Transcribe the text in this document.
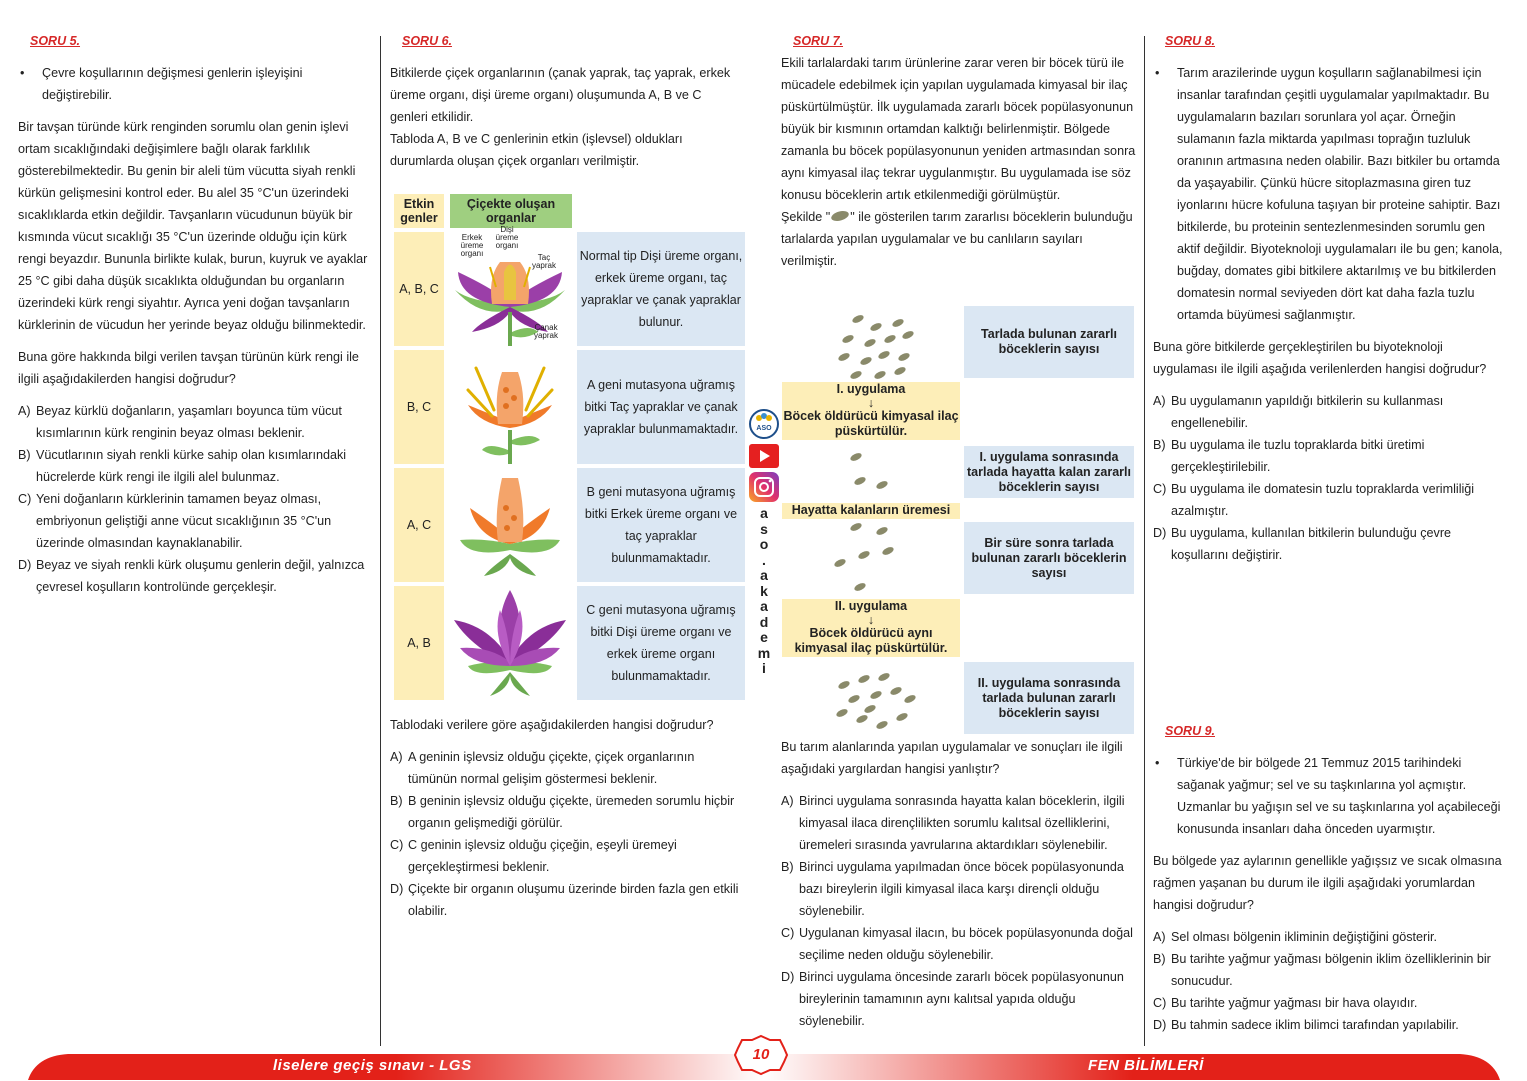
SORU 5.
•	Çevre koşullarının değişmesi genlerin işleyişini değiştirebilir.

Bir tavşan türünde kürk renginden sorumlu olan genin işlevi ortam sıcaklığındaki değişimlere bağlı olarak farklılık gösterebilmektedir. Bu genin bir aleli tüm vücutta siyah renkli kürkün gelişmesini kontrol eder. Bu alel 35 °C'un üzerindeki sıcaklıklarda etkin değildir. Tavşanların vücudunun büyük bir kısmında vücut sıcaklığı 35 °C'un üzerinde olduğu için kürk rengi beyazdır. Bununla birlikte kulak, burun, kuyruk ve ayaklar 25 °C gibi daha düşük sıcaklıkta olduğundan bu organların üzerindeki kürk rengi siyahtır. Ayrıca yeni doğan tavşanların kürklerinin de vücudun her yerinde beyaz olduğu bilinmektedir.

Buna göre hakkında bilgi verilen tavşan türünün kürk rengi ile ilgili aşağıdakilerden hangisi doğrudur?

A) Beyaz kürklü doğanların, yaşamları boyunca tüm vücut kısımlarının kürk renginin beyaz olması beklenir.
B) Vücutlarının siyah renkli kürke sahip olan kısımlarındaki hücrelerde kürk rengi ile ilgili alel bulunmaz.
C) Yeni doğanların kürklerinin tamamen beyaz olması, embriyonun geliştiği anne vücut sıcaklığının 35 °C'un üzerinde olmasından kaynaklanabilir.
D) Beyaz ve siyah renkli kürk oluşumu genlerin değil, yalnızca çevresel koşulların kontrolünde gerçekleşir.
SORU 6.

Bitkilerde çiçek organlarının (çanak yaprak, taç yaprak, erkek üreme organı, dişi üreme organı) oluşumunda A, B ve C genleri etkilidir.

Tabloda A, B ve C genlerinin etkin (işlevsel) oldukları durumlarda oluşan çiçek organları verilmiştir.

Etkin genler
Çiçekte oluşan organlar
A, B, C
Erkek üreme organı
Dişi üreme organı
Taç yaprak
Çanak yaprak
Normal tip Dişi üreme organı, erkek üreme organı, taç yapraklar ve çanak yapraklar bulunur.
B, C
A geni mutasyona uğramış bitki Taç yapraklar ve çanak yapraklar bulunmamaktadır.
A, C
B geni mutasyona uğramış bitki Erkek üreme organı ve taç yapraklar bulunmamaktadır.
A, B
C geni mutasyona uğramış bitki Dişi üreme organı ve erkek üreme organı bulunmamaktadır.

Tablodaki verilere göre aşağıdakilerden hangisi doğrudur?

A) A geninin işlevsiz olduğu çiçekte, çiçek organlarının tümünün normal gelişim göstermesi beklenir.
B) B geninin işlevsiz olduğu çiçekte, üremeden sorumlu hiçbir organın gelişmediği görülür.
C) C geninin işlevsiz olduğu çiçeğin, eşeyli üremeyi gerçekleştirmesi beklenir.
D) Çiçekte bir organın oluşumu üzerinde birden fazla gen etkili olabilir.
ASO
a
s
o
.
a
k
a
d
e
m
i
SORU 7.

Ekili tarlalardaki tarım ürünlerine zarar veren bir böcek türü ile mücadele edebilmek için yapılan uygulamada kimyasal bir ilaç püskürtülmüştür. İlk uygulamada zararlı böcek popülasyonunun büyük bir kısmının ortamdan kalktığı belirlenmiştir. Bölgede zamanla bu böcek popülasyonunun yeniden artmasından sonra aynı kimyasal ilaç tekrar uygulanmıştır. Bu uygulamada ise söz konusu böceklerin artık etkilenmediği görülmüştür.

Şekilde " " ile gösterilen tarım zararlısı böceklerin bulunduğu tarlalarda yapılan uygulamalar ve bu canlıların sayıları verilmiştir.

Tarlada bulunan zararlı böceklerin sayısı
I. uygulama
↓
Böcek öldürücü kimyasal ilaç püskürtülür.
I. uygulama sonrasında tarlada hayatta kalan zararlı böceklerin sayısı
Hayatta kalanların üremesi
Bir süre sonra tarlada bulunan zararlı böceklerin sayısı
II. uygulama
↓
Böcek öldürücü aynı kimyasal ilaç püskürtülür.
II. uygulama sonrasında tarlada bulunan zararlı böceklerin sayısı

Bu tarım alanlarında yapılan uygulamalar ve sonuçları ile ilgili aşağıdaki yargılardan hangisi yanlıştır?

A) Birinci uygulama sonrasında hayatta kalan böceklerin, ilgili kimyasal ilaca dirençlilikten sorumlu kalıtsal özelliklerini, üremeleri sırasında yavrularına aktardıkları söylenebilir.
B) Birinci uygulama yapılmadan önce böcek popülasyonunda bazı bireylerin ilgili kimyasal ilaca karşı dirençli olduğu söylenebilir.
C) Uygulanan kimyasal ilacın, bu böcek popülasyonunda doğal seçilime neden olduğu söylenebilir.
D) Birinci uygulama öncesinde zararlı böcek popülasyonunun bireylerinin tamamının aynı kalıtsal yapıda olduğu söylenebilir.
SORU 8.
•	Tarım arazilerinde uygun koşulların sağlanabilmesi için insanlar tarafından çeşitli uygulamalar yapılmaktadır. Bu uygulamaların bazıları sorunlara yol açar. Örneğin sulamanın fazla miktarda yapılması toprağın tuzluluk oranının artmasına neden olabilir. Bazı bitkiler bu ortamda da yaşayabilir. Çünkü hücre sitoplazmasına giren tuz iyonlarını hücre kofuluna taşıyan bir proteine sahiptir. Bazı bitkilerde, bu proteinin sentezlenmesinden sorumlu gen aktif değildir. Biyoteknoloji uygulamaları ile bu gen; kanola, buğday, domates gibi bitkilere aktarılmış ve bu bitkilerden domatesin normal seviyeden dört kat daha fazla tuzlu ortamda büyümesi sağlanmıştır.

Buna göre bitkilerde gerçekleştirilen bu biyoteknoloji uygulaması ile ilgili aşağıda verilenlerden hangisi doğrudur?

A) Bu uygulamanın yapıldığı bitkilerin su kullanması engellenebilir.
B) Bu uygulama ile tuzlu topraklarda bitki üretimi gerçekleştirilebilir.
C) Bu uygulama ile domatesin tuzlu topraklarda verimliliği azalmıştır.
D) Bu uygulama, kullanılan bitkilerin bulunduğu çevre koşullarını değiştirir.
SORU 9.
•	Türkiye'de bir bölgede 21 Temmuz 2015 tarihindeki sağanak yağmur; sel ve su taşkınlarına yol açmıştır. Uzmanlar bu yağışın sel ve su taşkınlarına yol açabileceği konusunda insanları daha önceden uyarmıştır.

Bu bölgede yaz aylarının genellikle yağışsız ve sıcak olmasına rağmen yaşanan bu durum ile ilgili aşağıdaki yorumlardan hangisi doğrudur?

A) Sel olması bölgenin ikliminin değiştiğini gösterir.
B) Bu tarihte yağmur yağması bölgenin iklim özelliklerinin bir sonucudur.
C) Bu tarihte yağmur yağması bir hava olayıdır.
D) Bu tahmin sadece iklim bilimci tarafından yapılabilir.
liselere geçiş sınavı - LGS	FEN BİLİMLERİ
10
